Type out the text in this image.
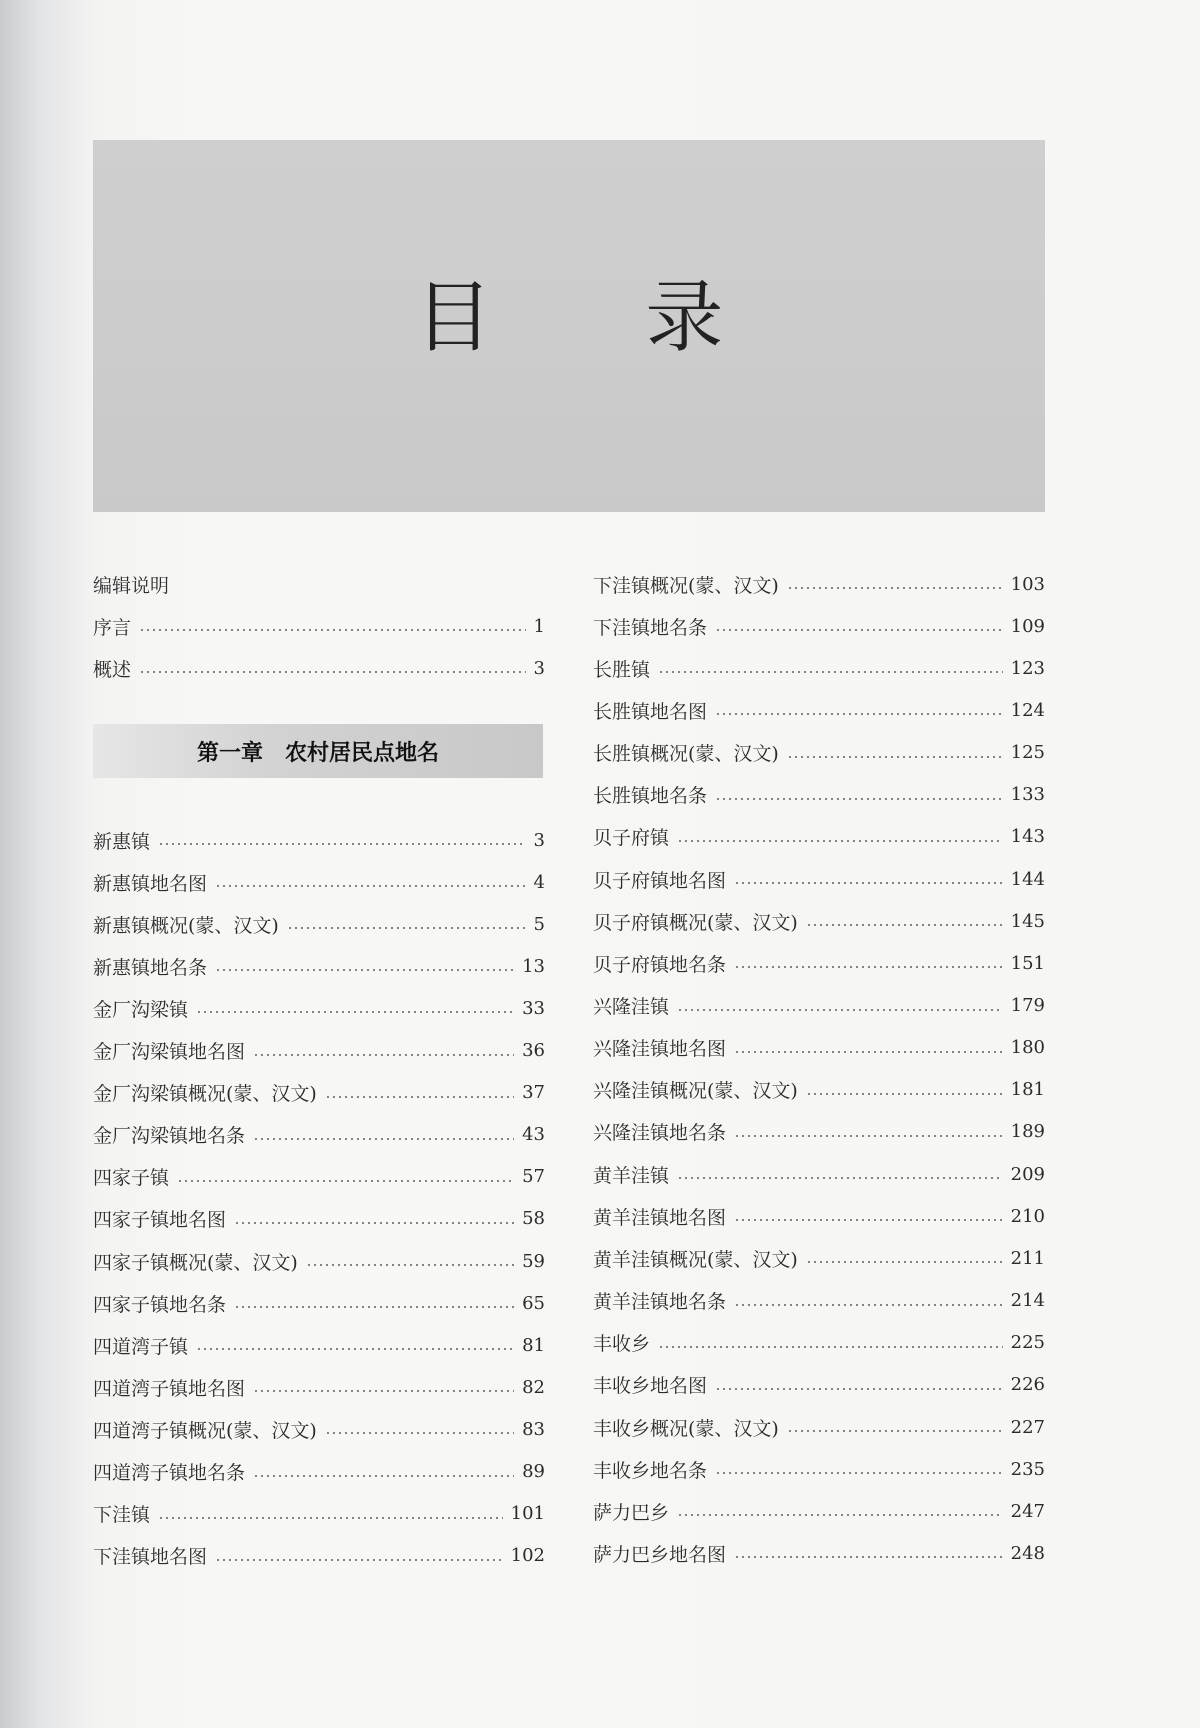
目 录
编辑说明
序言	1
概述	3
第一章　农村居民点地名
新惠镇	3
新惠镇地名图	4
新惠镇概况(蒙、汉文)	5
新惠镇地名条	13
金厂沟梁镇	33
金厂沟梁镇地名图	36
金厂沟梁镇概况(蒙、汉文)	37
金厂沟梁镇地名条	43
四家子镇	57
四家子镇地名图	58
四家子镇概况(蒙、汉文)	59
四家子镇地名条	65
四道湾子镇	81
四道湾子镇地名图	82
四道湾子镇概况(蒙、汉文)	83
四道湾子镇地名条	89
下洼镇	101
下洼镇地名图	102
下洼镇概况(蒙、汉文)	103
下洼镇地名条	109
长胜镇	123
长胜镇地名图	124
长胜镇概况(蒙、汉文)	125
长胜镇地名条	133
贝子府镇	143
贝子府镇地名图	144
贝子府镇概况(蒙、汉文)	145
贝子府镇地名条	151
兴隆洼镇	179
兴隆洼镇地名图	180
兴隆洼镇概况(蒙、汉文)	181
兴隆洼镇地名条	189
黄羊洼镇	209
黄羊洼镇地名图	210
黄羊洼镇概况(蒙、汉文)	211
黄羊洼镇地名条	214
丰收乡	225
丰收乡地名图	226
丰收乡概况(蒙、汉文)	227
丰收乡地名条	235
萨力巴乡	247
萨力巴乡地名图	248
